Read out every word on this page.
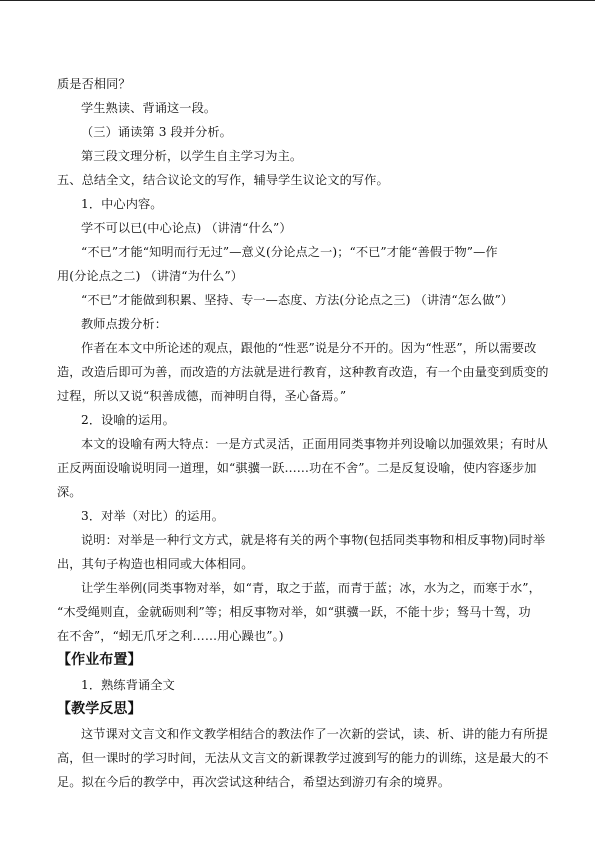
质是否相同？
学生熟读、背诵这一段。
（三）诵读第 3 段并分析。
第三段文理分析，以学生自主学习为主。
五、总结全文，结合议论文的写作，辅导学生议论文的写作。
1．中心内容。
学不可以已(中心论点) （讲清“什么”）
“不已”才能“知明而行无过”—意义(分论点之一)；“不已”才能“善假于物”—作
用(分论点之二) （讲清“为什么”）
“不已”才能做到积累、坚持、专一—态度、方法(分论点之三) （讲清“怎么做”）
教师点拨分析：
作者在本文中所论述的观点，跟他的“性恶”说是分不开的。因为“性恶”，所以需要改
造，改造后即可为善，而改造的方法就是进行教育，这种教育改造，有一个由量变到质变的
过程，所以又说“积善成德，而神明自得，圣心备焉。”
2．设喻的运用。
本文的设喻有两大特点：一是方式灵活，正面用同类事物并列设喻以加强效果；有时从
正反两面设喻说明同一道理，如“骐骥一跃……功在不舍”。二是反复设喻，使内容逐步加
深。
3．对举（对比）的运用。
说明：对举是一种行文方式，就是将有关的两个事物(包括同类事物和相反事物)同时举
出，其句子构造也相同或大体相同。
让学生举例(同类事物对举，如“青，取之于蓝，而青于蓝；冰，水为之，而寒于水”，
“木受绳则直，金就砺则利”等；相反事物对举，如“骐骥一跃，不能十步；驽马十驾，功
在不舍”，“蚓无爪牙之利……用心躁也”。)
【作业布置】
1．熟练背诵全文
【教学反思】
这节课对文言文和作文教学相结合的教法作了一次新的尝试，读、析、讲的能力有所提
高，但一课时的学习时间，无法从文言文的新课教学过渡到写的能力的训练，这是最大的不
足。拟在今后的教学中，再次尝试这种结合，希望达到游刃有余的境界。
